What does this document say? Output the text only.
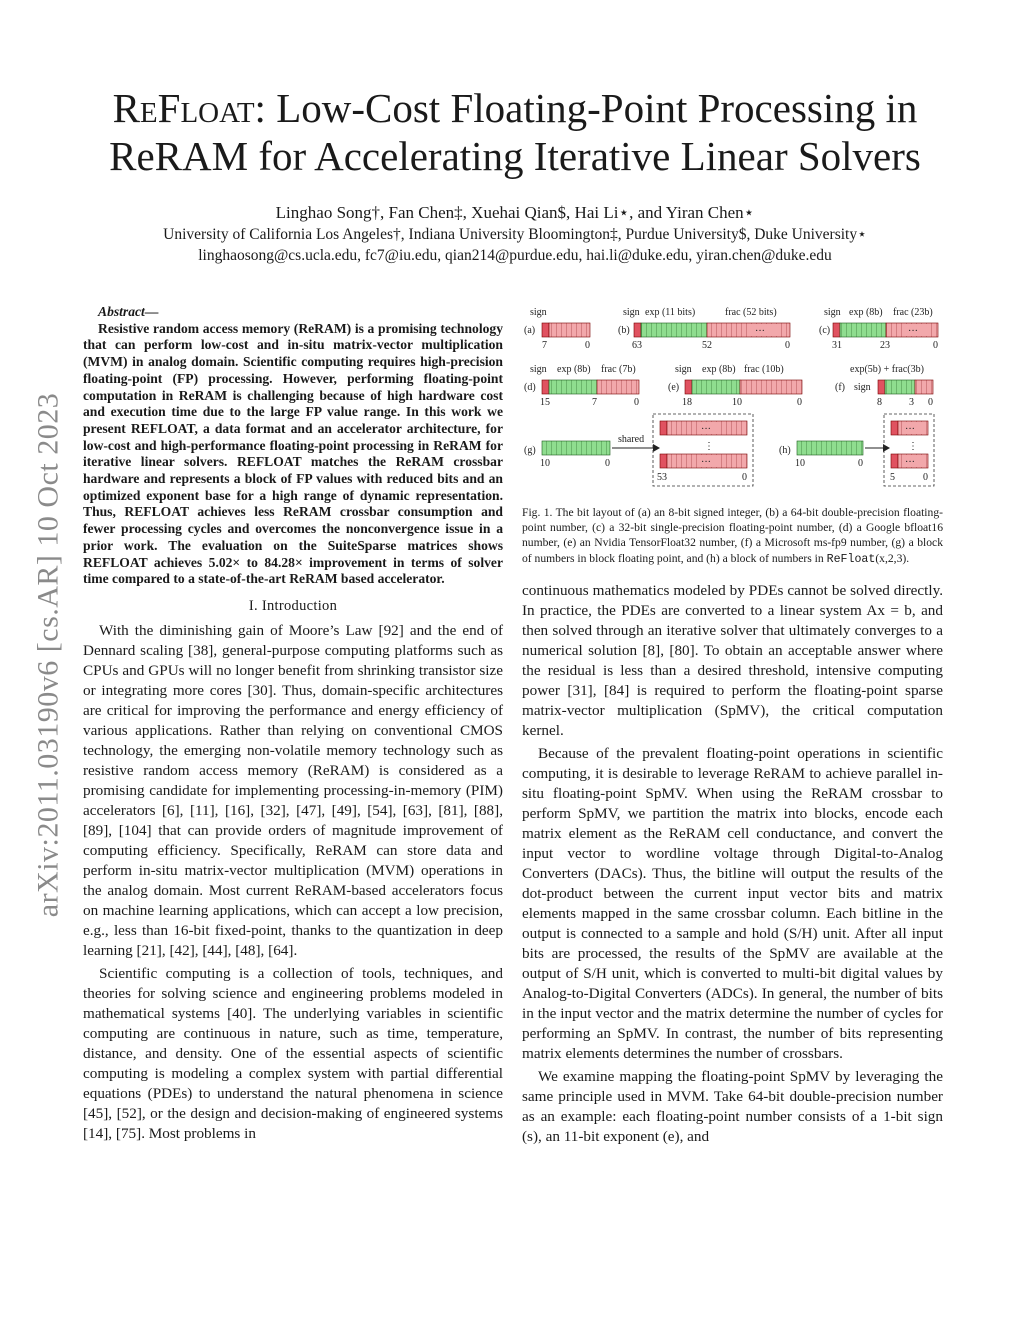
arXiv:2011.03190v6 [cs.AR] 10 Oct 2023
ReFloat: Low-Cost Floating-Point Processing in
ReRAM for Accelerating Iterative Linear Solvers
Linghao Song†, Fan Chen‡, Xuehai Qian$, Hai Li⋆, and Yiran Chen⋆
University of California Los Angeles†, Indiana University Bloomington‡, Purdue University$, Duke University⋆
linghaosong@cs.ucla.edu, fc7@iu.edu, qian214@purdue.edu, hai.li@duke.edu, yiran.chen@duke.edu
Abstract—

Resistive random access memory (ReRAM) is a promising technology that can perform low-cost and in-situ matrix-vector multiplication (MVM) in analog domain. Scientific computing requires high-precision floating-point (FP) processing. However, performing floating-point computation in ReRAM is challenging because of high hardware cost and execution time due to the large FP value range. In this work we present REFLOAT, a data format and an accelerator architecture, for low-cost and high-performance floating-point processing in ReRAM for iterative linear solvers. REFLOAT matches the ReRAM crossbar hardware and represents a block of FP values with reduced bits and an optimized exponent base for a high range of dynamic representation. Thus, REFLOAT achieves less ReRAM crossbar consumption and fewer processing cycles and overcomes the nonconvergence issue in a prior work. The evaluation on the SuiteSparse matrices shows REFLOAT achieves 5.02× to 84.28× improvement in terms of solver time compared to a state-of-the-art ReRAM based accelerator.

I. Introduction

With the diminishing gain of Moore’s Law [92] and the end of Dennard scaling [38], general-purpose computing platforms such as CPUs and GPUs will no longer benefit from shrinking transistor size or integrating more cores [30]. Thus, domain-specific architectures are critical for improving the performance and energy efficiency of various applications. Rather than relying on conventional CMOS technology, the emerging non-volatile memory technology such as resistive random access memory (ReRAM) is considered as a promising candidate for implementing processing-in-memory (PIM) accelerators [6], [11], [16], [32], [47], [49], [54], [63], [81], [88], [89], [104] that can provide orders of magnitude improvement of computing efficiency. Specifically, ReRAM can store data and perform in-situ matrix-vector multiplication (MVM) operations in the analog domain. Most current ReRAM-based accelerators focus on machine learning applications, which can accept a low precision, e.g., less than 16-bit fixed-point, thanks to the quantization in deep learning [21], [42], [44], [48], [64].

Scientific computing is a collection of tools, techniques, and theories for solving science and engineering problems modeled in mathematical systems [40]. The underlying variables in scientific computing are continuous in nature, such as time, temperature, distance, and density. One of the essential aspects of scientific computing is modeling a complex system with partial differential equations (PDEs) to understand the natural phenomena in science [45], [52], or the design and decision-making of engineered systems [14], [75]. Most problems in

sign
(a)
7	0
sign exp (11 bits)	frac (52 bits)
(b)	···
63	52	0
sign exp (8b) frac (23b)
(c)	···
31	23	0
sign exp (8b) frac (7b)
(d)
15	7	0
sign exp (8b) frac (10b)
(e)
18	10	0
exp(5b) + frac(3b)
(f) sign
8	3 0
(g)
10	0
shared
···
⋮
···
53	0
(h)
10	0
···
⋮
···
5	0
Fig. 1. The bit layout of (a) an 8-bit signed integer, (b) a 64-bit double-precision floating-point number, (c) a 32-bit single-precision floating-point number, (d) a Google bfloat16 number, (e) an Nvidia TensorFloat32 number, (f) a Microsoft ms-fp9 number, (g) a block of numbers in block floating point, and (h) a block of numbers in ReFloat(x,2,3).

continuous mathematics modeled by PDEs cannot be solved directly. In practice, the PDEs are converted to a linear system Ax = b, and then solved through an iterative solver that ultimately converges to a numerical solution [8], [80]. To obtain an acceptable answer where the residual is less than a desired threshold, intensive computing power [31], [84] is required to perform the floating-point sparse matrix-vector multiplication (SpMV), the critical computation kernel.

Because of the prevalent floating-point operations in scientific computing, it is desirable to leverage ReRAM to achieve parallel in-situ floating-point SpMV. When using the ReRAM crossbar to perform SpMV, we partition the matrix into blocks, encode each matrix element as the ReRAM cell conductance, and convert the input vector to wordline voltage through Digital-to-Analog Converters (DACs). Thus, the bitline will output the results of the dot-product between the current input vector bits and matrix elements mapped in the same crossbar column. Each bitline in the output is connected to a sample and hold (S/H) unit. After all input bits are processed, the results of the SpMV are available at the output of S/H unit, which is converted to multi-bit digital values by Analog-to-Digital Converters (ADCs). In general, the number of bits in the input vector and the matrix determine the number of cycles for performing an SpMV. In contrast, the number of bits representing matrix elements determines the number of crossbars.

We examine mapping the floating-point SpMV by leveraging the same principle used in MVM. Take 64-bit double-precision number as an example: each floating-point number consists of a 1-bit sign (s), an 11-bit exponent (e), and
